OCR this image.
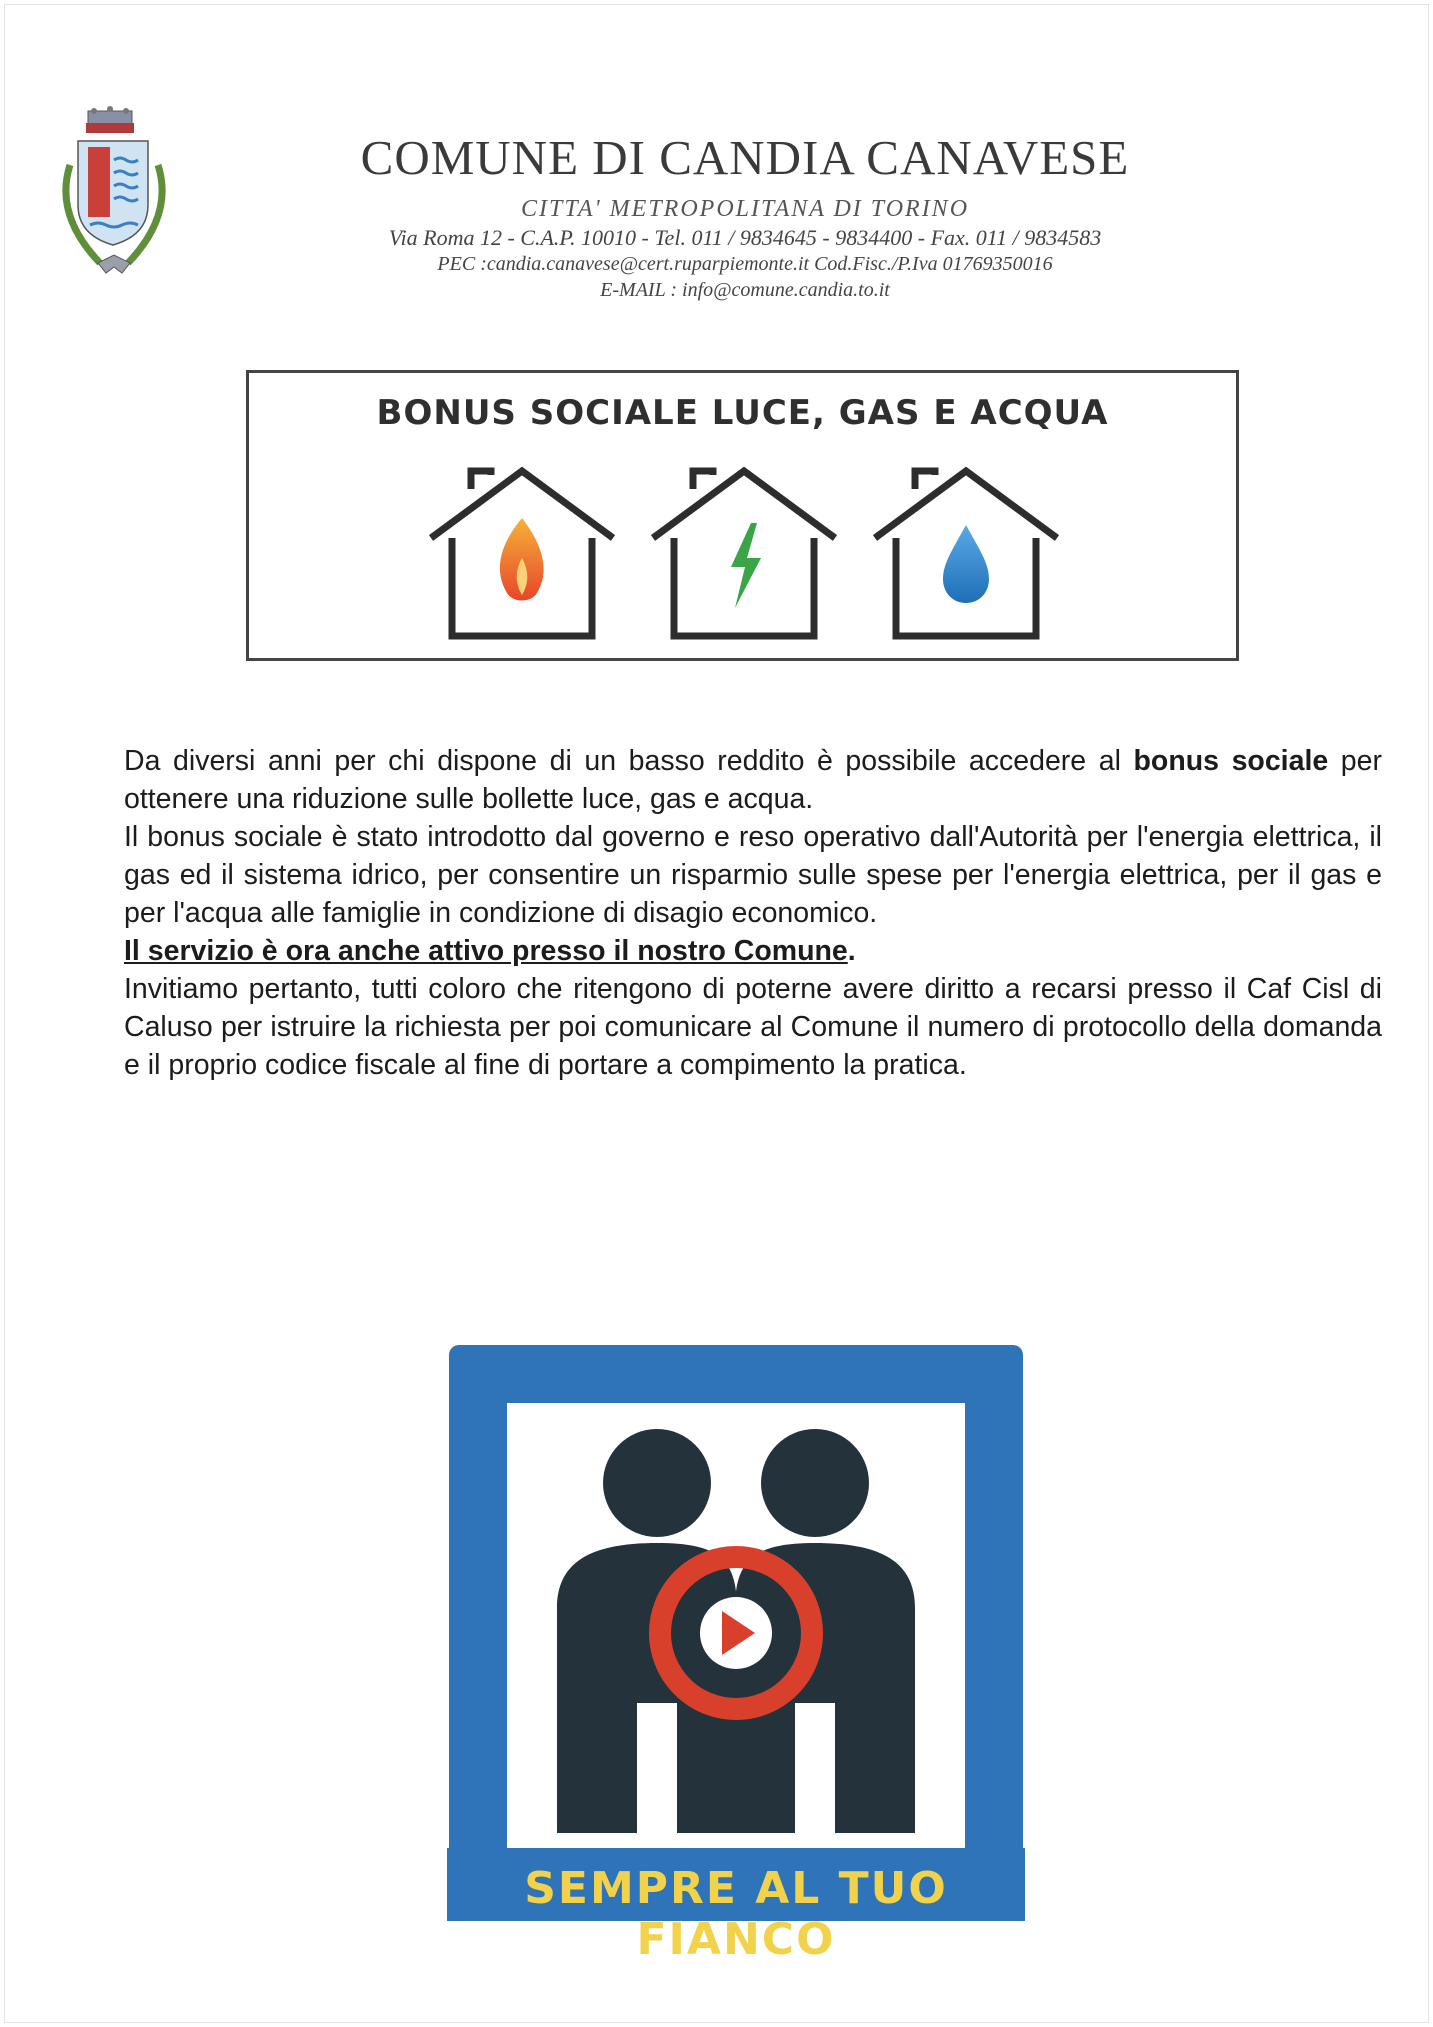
COMUNE DI CANDIA CANAVESE
CITTA' METROPOLITANA DI TORINO
Via Roma 12 - C.A.P. 10010 - Tel. 011 / 9834645 - 9834400 - Fax. 011 / 9834583
PEC :candia.canavese@cert.ruparpiemonte.it Cod.Fisc./P.Iva 01769350016
E-MAIL : info@comune.candia.to.it
BONUS SOCIALE LUCE, GAS E ACQUA

Da diversi anni per chi dispone di un basso reddito è possibile accedere al bonus sociale per ottenere una riduzione sulle bollette luce, gas e acqua.

Il bonus sociale è stato introdotto dal governo e reso operativo dall'Autorità per l'energia elettrica, il gas ed il sistema idrico, per consentire un risparmio sulle spese per l'energia elettrica, per il gas e per l'acqua alle famiglie in condizione di disagio economico.

Il servizio è ora anche attivo presso il nostro Comune.

Invitiamo pertanto, tutti coloro che ritengono di poterne avere diritto a recarsi presso il Caf Cisl di Caluso per istruire la richiesta per poi comunicare al Comune il numero di protocollo della domanda e il proprio codice fiscale al fine di portare a compimento la pratica.

SEMPRE AL TUO FIANCO
